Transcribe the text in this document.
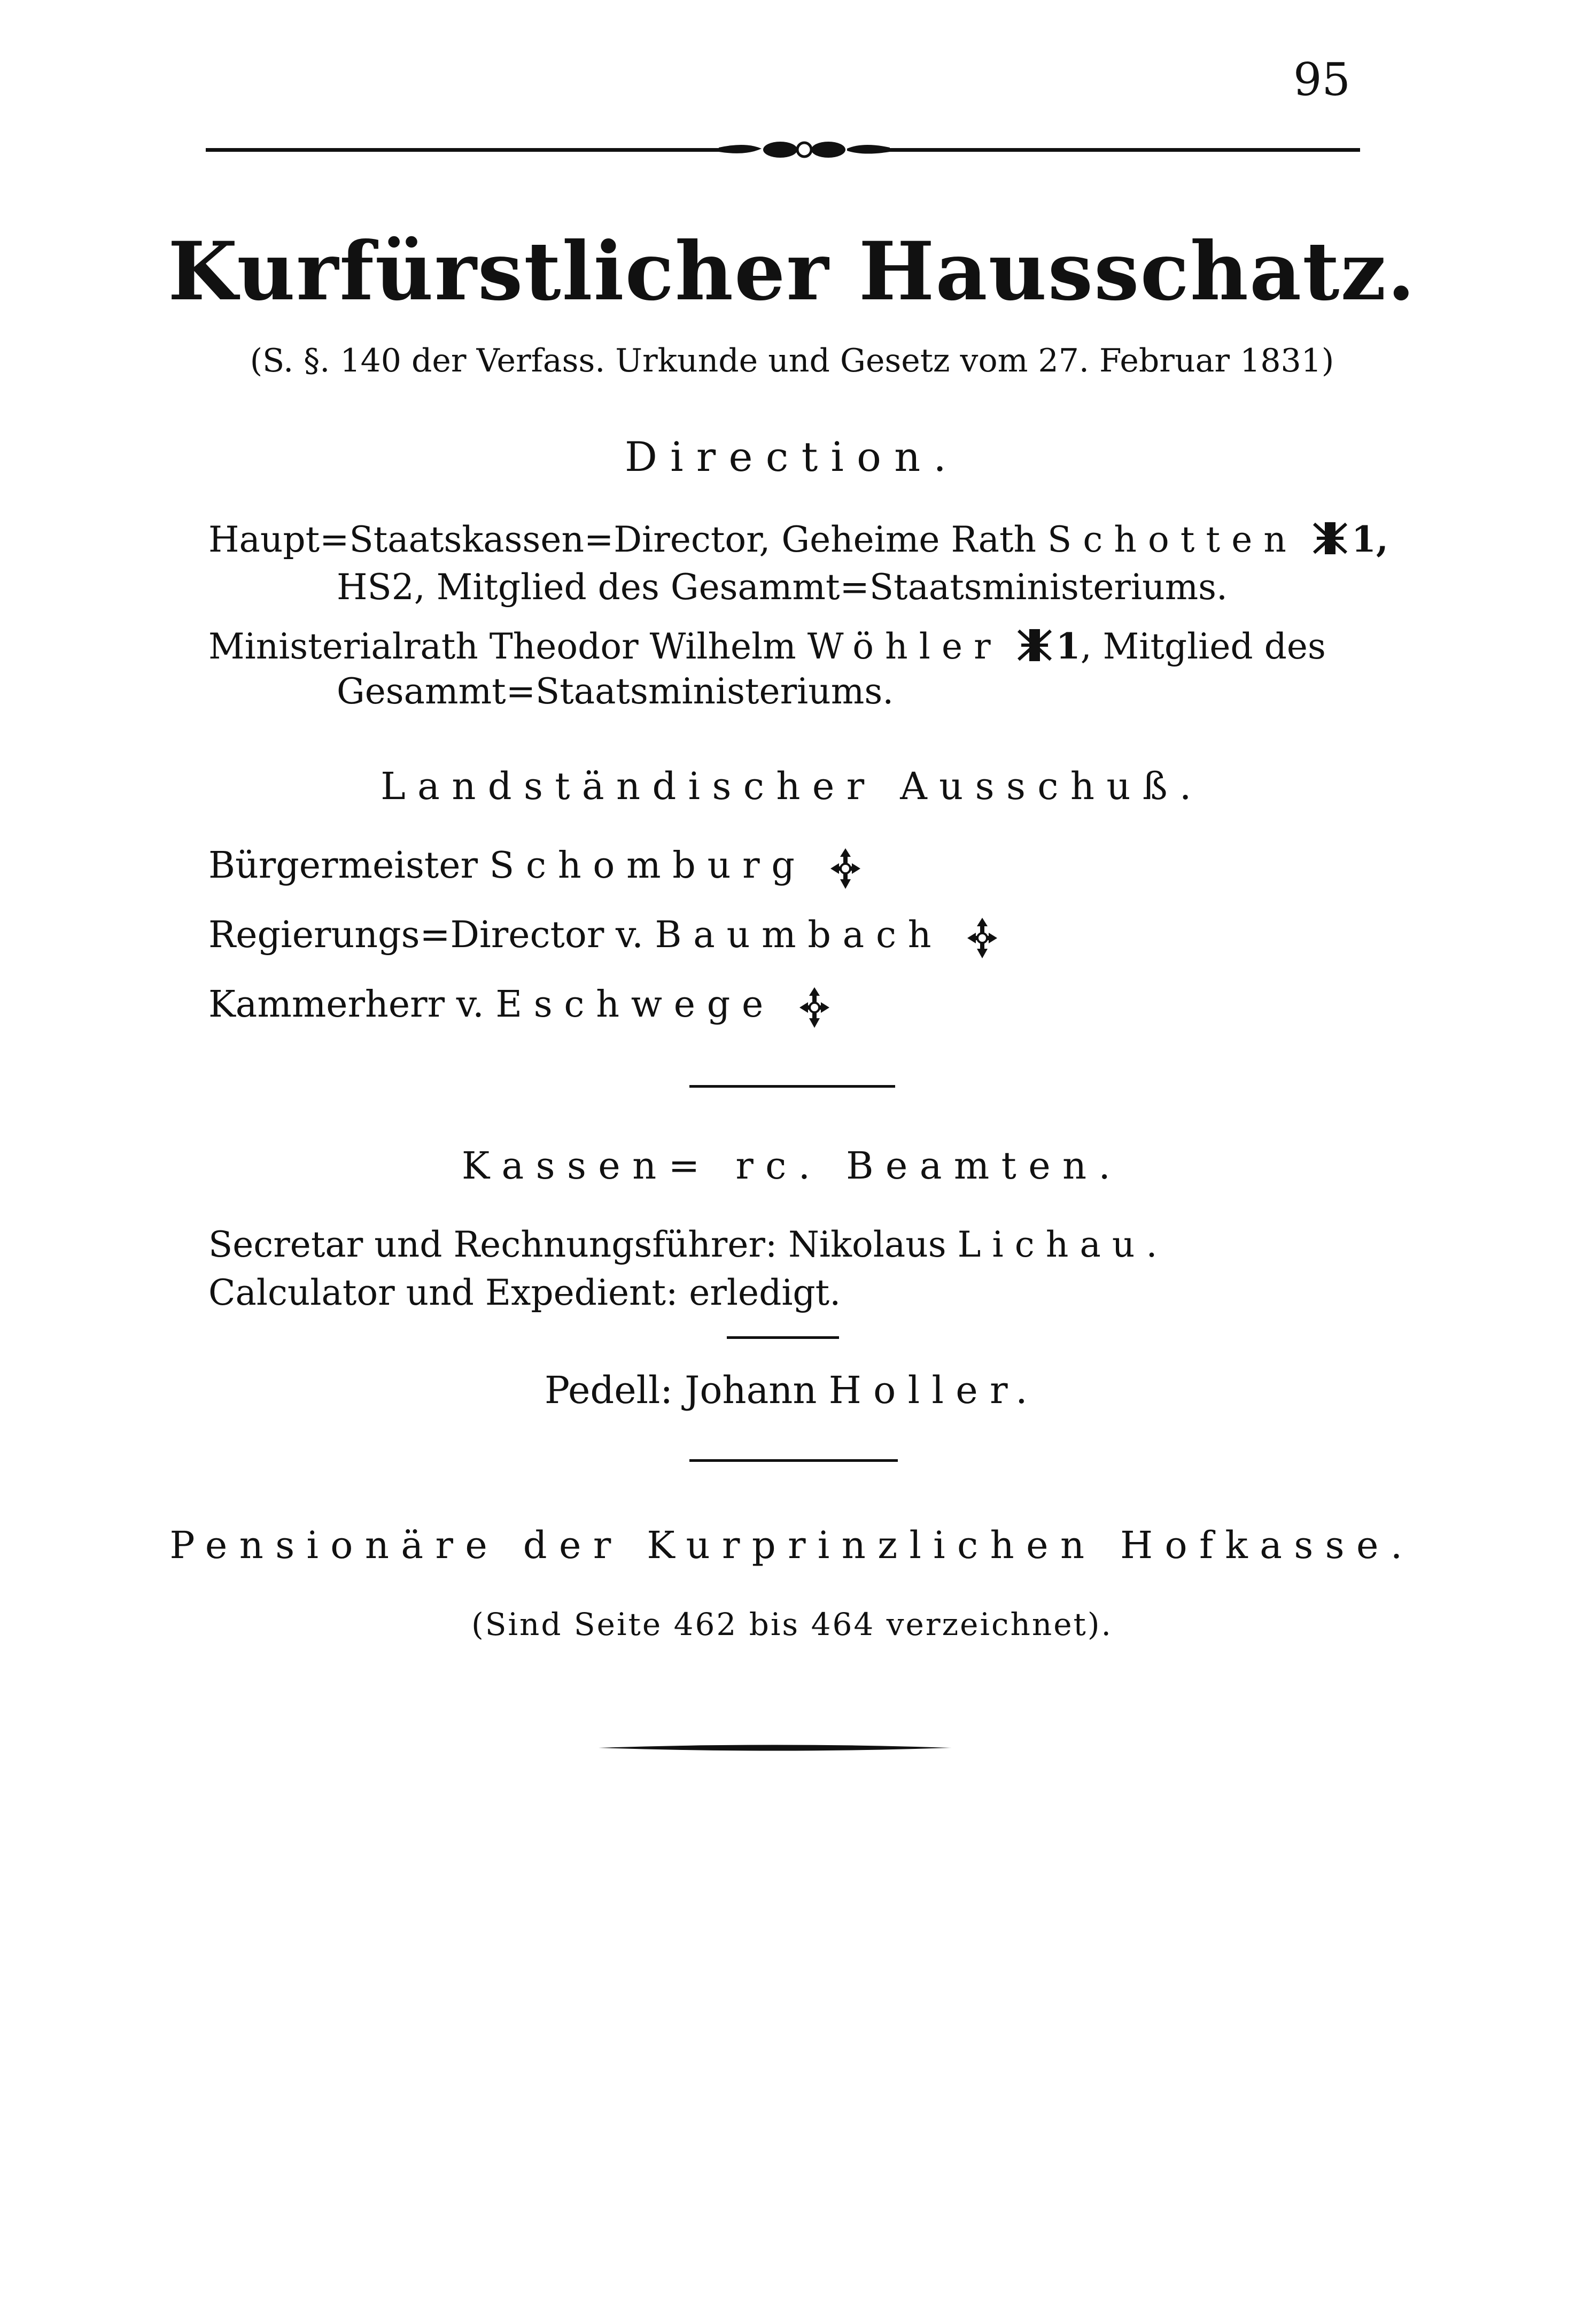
95
Kurfürstlicher Hausschatz.
(S. §. 140 der Verfass. Urkunde und Gesetz vom 27. Februar 1831)
Direction.
Haupt=Staatskassen=Director, Geheime Rath Schotten 1,
HS2, Mitglied des Gesammt=Staatsministeriums.
Ministerialrath Theodor Wilhelm Wöhler 1, Mitglied des
Gesammt=Staatsministeriums.
Landständischer Ausschuß.
Bürgermeister Schomburg
Regierungs=Director v. Baumbach
Kammerherr v. Eschwege
Kassen= rc. Beamten.
Secretar und Rechnungsführer: Nikolaus Lichau.
Calculator und Expedient: erledigt.
Pedell: Johann Holler.
Pensionäre der Kurprinzlichen Hofkasse.
(Sind Seite 462 bis 464 verzeichnet).
